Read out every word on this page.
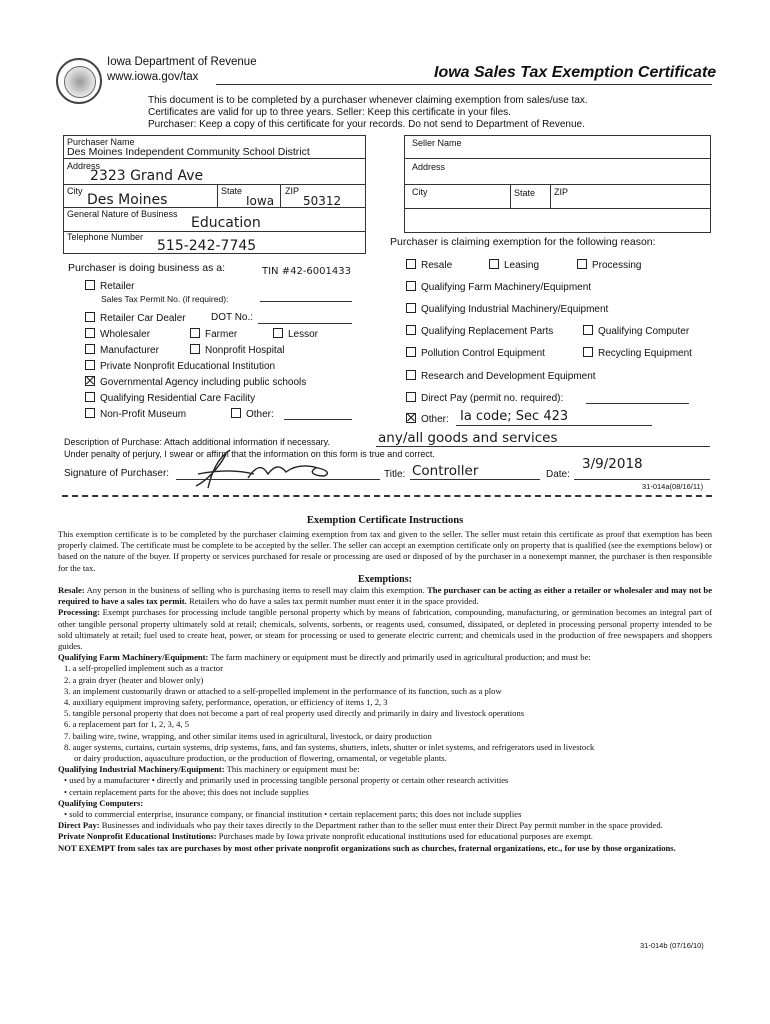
Iowa Department of Revenue
www.iowa.gov/tax	Iowa Sales Tax Exemption Certificate
This document is to be completed by a purchaser whenever claiming exemption from sales/use tax.
Certificates are valid for up to three years. Seller: Keep this certificate in your files.
Purchaser: Keep a copy of this certificate for your records. Do not send to Department of Revenue.
Purchaser Name
Des Moines Independent Community School District
Address
2323 Grand Ave
City
Des Moines
State
Iowa
ZIP
50312
General Nature of Business
Education
Telephone Number
515-242-7745
Seller Name
Address
City	State ZIP
Purchaser is claiming exemption for the following reason:
Purchaser is doing business as a:	TIN #42-6001433
Retailer
Sales Tax Permit No. (if required):
Retailer Car Dealer	DOT No.:
Wholesaler	Farmer	Lessor
Manufacturer	Nonprofit Hospital
Private Nonprofit Educational Institution
Governmental Agency including public schools
Qualifying Residential Care Facility
Non-Profit Museum	Other:
Resale	Leasing	Processing
Qualifying Farm Machinery/Equipment
Qualifying Industrial Machinery/Equipment
Qualifying Replacement Parts	Qualifying Computer
Pollution Control Equipment	Recycling Equipment
Research and Development Equipment
Direct Pay (permit no. required):
Other: Ia code; Sec 423
Description of Purchase: Attach additional information if necessary.	any/all goods and services
Under penalty of perjury, I swear or affirm that the information on this form is true and correct.
Signature of Purchaser:	Title: Controller	Date:
3/9/2018
31-014a(08/16/11)
Exemption Certificate Instructions

This exemption certificate is to be completed by the purchaser claiming exemption from tax and given to the seller. The seller must retain this certificate as proof that exemption has been properly claimed. The certificate must be complete to be accepted by the seller. The seller can accept an exemption certificate only on property that is qualified (see the exemptions below) or based on the nature of the buyer. If property or services purchased for resale or processing are used or disposed of by the purchaser in a nonexempt manner, the purchaser is then responsible for the tax.

Exemptions:

Resale: Any person in the business of selling who is purchasing items to resell may claim this exemption. The purchaser can be acting as either a retailer or wholesaler and may not be required to have a sales tax permit. Retailers who do have a sales tax permit number must enter it in the space provided.

Processing: Exempt purchases for processing include tangible personal property which by means of fabrication, compounding, manufacturing, or germination becomes an integral part of other tangible personal property ultimately sold at retail; chemicals, solvents, sorbents, or reagents used, consumed, dissipated, or depleted in processing personal property intended to be sold ultimately at retail; fuel used to create heat, power, or steam for processing or used to generate electric current; and chemicals used in the production of free newspapers and shoppers guides.

Qualifying Farm Machinery/Equipment: The farm machinery or equipment must be directly and primarily used in agricultural production; and must be:

1. a self-propelled implement such as a tractor

2. a grain dryer (heater and blower only)

3. an implement customarily drawn or attached to a self-propelled implement in the performance of its function, such as a plow

4. auxiliary equipment improving safety, performance, operation, or efficiency of items 1, 2, 3

5. tangible personal property that does not become a part of real property used directly and primarily in dairy and livestock operations

6. a replacement part for 1, 2, 3, 4, 5

7. bailing wire, twine, wrapping, and other similar items used in agricultural, livestock, or dairy production

8. auger systems, curtains, curtain systems, drip systems, fans, and fan systems, shutters, inlets, shutter or inlet systems, and refrigerators used in livestock

or dairy production, aquaculture production, or the production of flowering, ornamental, or vegetable plants.

Qualifying Industrial Machinery/Equipment: This machinery or equipment must be:

• used by a manufacturer • directly and primarily used in processing tangible personal property or certain other research activities

• certain replacement parts for the above; this does not include supplies

Qualifying Computers:

• sold to commercial enterprise, insurance company, or financial institution • certain replacement parts; this does not include supplies

Direct Pay: Businesses and individuals who pay their taxes directly to the Department rather than to the seller must enter their Direct Pay permit number in the space provided.

Private Nonprofit Educational Institutions: Purchases made by Iowa private nonprofit educational institutions used for educational purposes are exempt.

NOT EXEMPT from sales tax are purchases by most other private nonprofit organizations such as churches, fraternal organizations, etc., for use by those organizations.

31-014b (07/16/10)
